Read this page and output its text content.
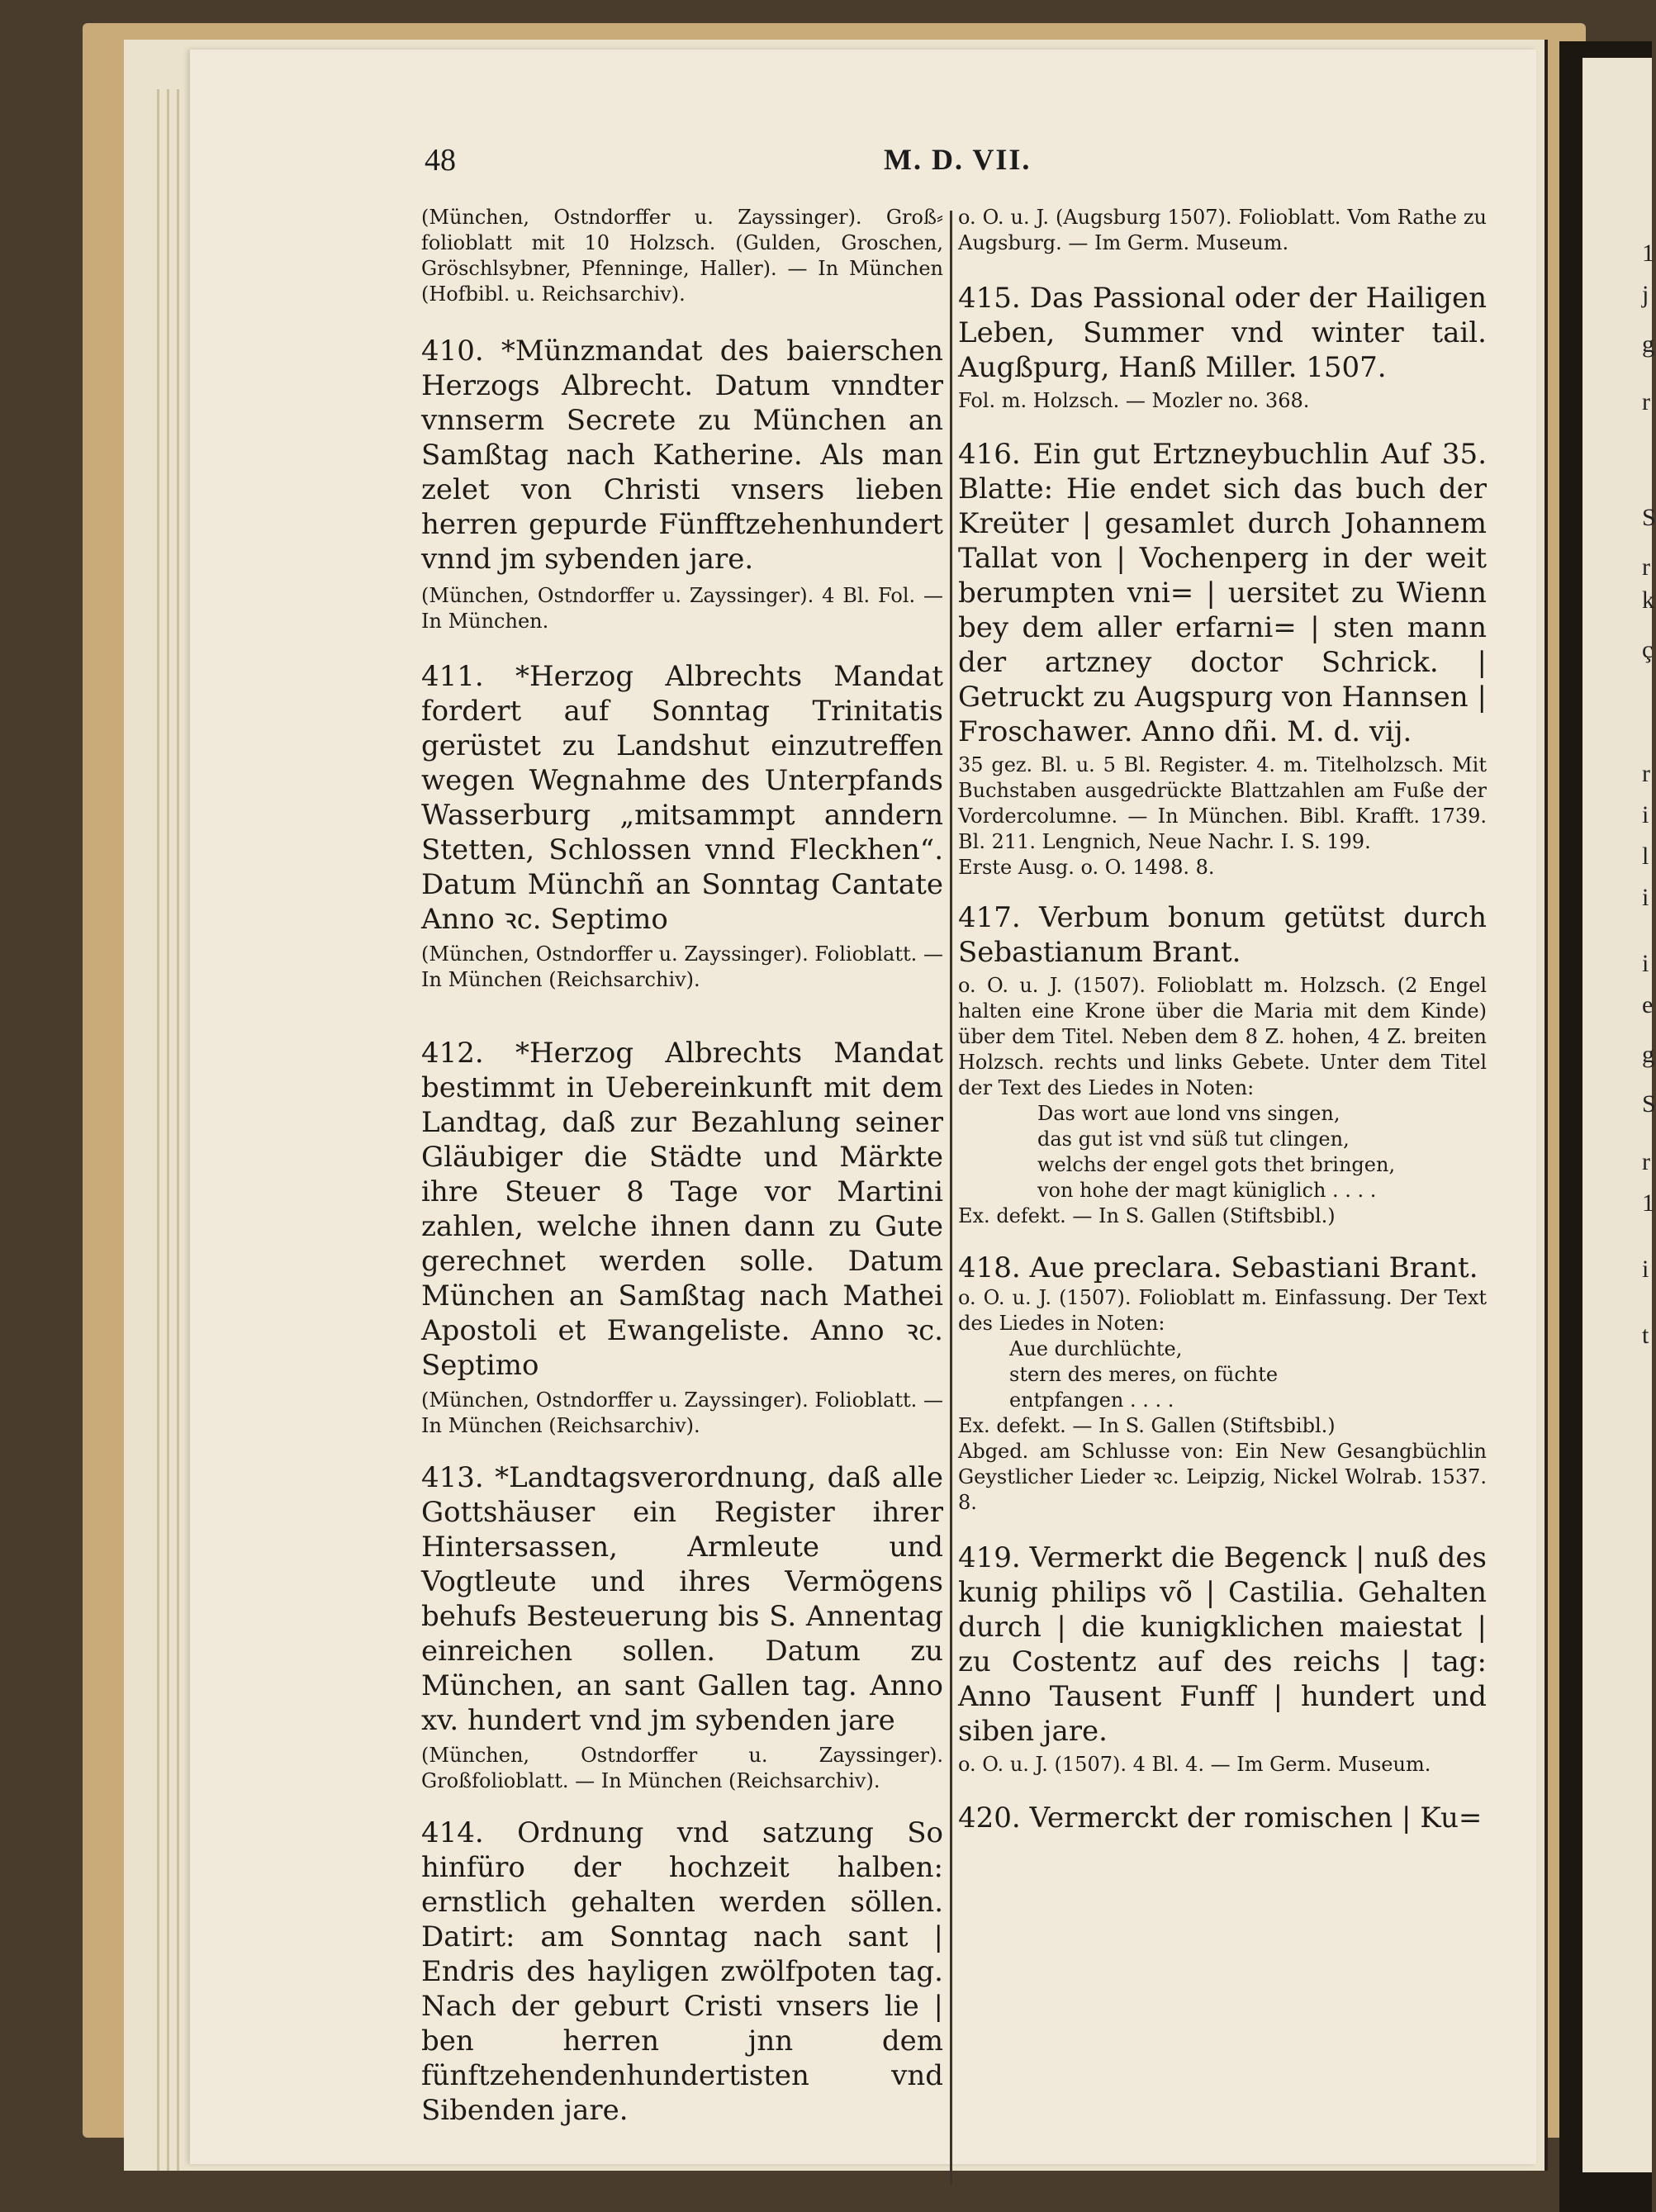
1
j
g
r
S
r
k
ç
r
i
l
i
i
e
g
S
r
1
i
t
48	M. D. VII.

(München, Ostndorffer u. Zayssinger). Groß⸗folioblatt mit 10 Holzsch. (Gulden, Groschen, Gröschlsybner, Pfenninge, Haller). — In München (Hofbibl. u. Reichsarchiv).

410. *Münzmandat des baierschen Herzogs Albrecht. Datum vnndter vnnserm Secrete zu München an Samßtag nach Katherine. Als man zelet von Christi vnsers lieben herren gepurde Fünfftzehenhundert vnnd jm sybenden jare.

(München, Ostndorffer u. Zayssinger). 4 Bl. Fol. — In München.

411. *Herzog Albrechts Mandat fordert auf Sonntag Trinitatis gerüstet zu Landshut einzutreffen wegen Wegnahme des Unterpfands Wasserburg „mitsammpt anndern Stetten, Schlossen vnnd Fleckhen“. Datum Münchñ an Sonntag Cantate Anno ꝛc. Septimo

(München, Ostndorffer u. Zayssinger). Folioblatt. — In München (Reichsarchiv).

412. *Herzog Albrechts Mandat bestimmt in Uebereinkunft mit dem Landtag, daß zur Bezahlung seiner Gläubiger die Städte und Märkte ihre Steuer 8 Tage vor Martini zahlen, welche ihnen dann zu Gute gerechnet werden solle. Datum München an Samßtag nach Mathei Apostoli et Ewangeliste. Anno ꝛc. Septimo

(München, Ostndorffer u. Zayssinger). Folioblatt. — In München (Reichsarchiv).

413. *Landtagsverordnung, daß alle Gottshäuser ein Register ihrer Hintersassen, Armleute und Vogtleute und ihres Vermögens behufs Besteuerung bis S. Annentag einreichen sollen. Datum zu München, an sant Gallen tag. Anno xv. hundert vnd jm sybenden jare

(München, Ostndorffer u. Zayssinger). Großfolioblatt. — In München (Reichsarchiv).

414. Ordnung vnd satzung So hinfüro der hochzeit halben: ernstlich gehalten werden söllen. Datirt: am Sonntag nach sant | Endris des hayligen zwölfpoten tag. Nach der geburt Cristi vnsers lie | ben herren jnn dem fünftzehendenhundertisten vnd Sibenden jare.

o. O. u. J. (Augsburg 1507). Folioblatt. Vom Rathe zu Augsburg. — Im Germ. Museum.

415. Das Passional oder der Hailigen Leben, Summer vnd winter tail. Augßpurg, Hanß Miller. 1507.

Fol. m. Holzsch. — Mozler no. 368.

416. Ein gut Ertzneybuchlin Auf 35. Blatte: Hie endet sich das buch der Kreüter | gesamlet durch Johannem Tallat von | Vochenperg in der weit berumpten vni= | uersitet zu Wienn bey dem aller erfarni= | sten mann der artzney doctor Schrick. | Getruckt zu Augspurg von Hannsen | Froschawer. Anno dñi. M. d. vij.

35 gez. Bl. u. 5 Bl. Register. 4. m. Titelholzsch. Mit Buchstaben ausgedrückte Blattzahlen am Fuße der Vordercolumne. — In München. Bibl. Krafft. 1739. Bl. 211. Lengnich, Neue Nachr. I. S. 199.

Erste Ausg. o. O. 1498. 8.

417. Verbum bonum getütst durch Sebastianum Brant.

o. O. u. J. (1507). Folioblatt m. Holzsch. (2 Engel halten eine Krone über die Maria mit dem Kinde) über dem Titel. Neben dem 8 Z. hohen, 4 Z. breiten Holzsch. rechts und links Gebete. Unter dem Titel der Text des Liedes in Noten:

Das wort aue lond vns singen,
das gut ist vnd süß tut clingen,
welchs der engel gots thet bringen,
von hohe der magt küniglich . . . .

Ex. defekt. — In S. Gallen (Stiftsbibl.)

418. Aue preclara. Sebastiani Brant.

o. O. u. J. (1507). Folioblatt m. Einfassung. Der Text des Liedes in Noten:

Aue durchlüchte,
stern des meres, on füchte
entpfangen . . . .

Ex. defekt. — In S. Gallen (Stiftsbibl.)

Abged. am Schlusse von: Ein New Gesangbüchlin Geystlicher Lieder ꝛc. Leipzig, Nickel Wolrab. 1537. 8.

419. Vermerkt die Begenck | nuß des kunig philips võ | Castilia. Gehalten durch | die kunigklichen maiestat | zu Costentz auf des reichs | tag: Anno Tausent Funff | hundert und siben jare.

o. O. u. J. (1507). 4 Bl. 4. — Im Germ. Museum.

420. Vermerckt der romischen | Ku=
